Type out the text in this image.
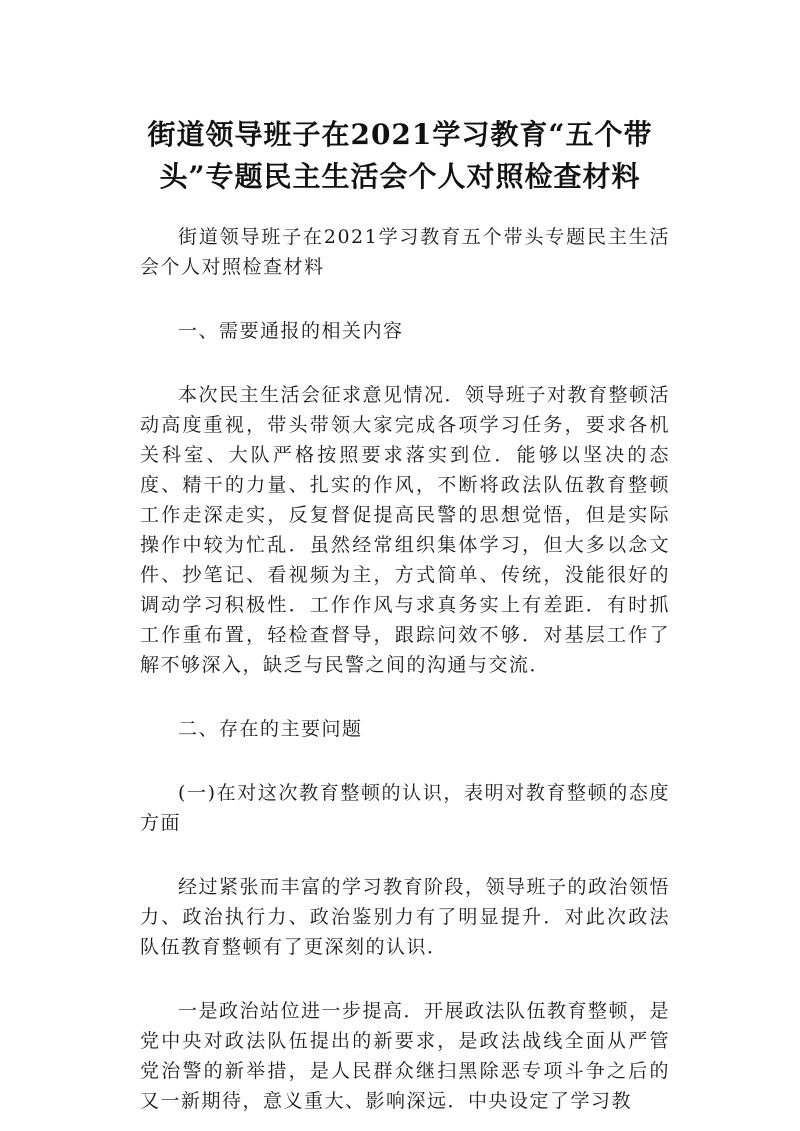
街道领导班子在2021学习教育“五个带头”专题民主生活会个人对照检查材料

街道领导班子在2021学习教育五个带头专题民主生活会个人对照检查材料

一、需要通报的相关内容

本次民主生活会征求意见情况．领导班子对教育整顿活动高度重视，带头带领大家完成各项学习任务，要求各机关科室、大队严格按照要求落实到位．能够以坚决的态度、精干的力量、扎实的作风，不断将政法队伍教育整顿工作走深走实，反复督促提高民警的思想觉悟，但是实际操作中较为忙乱．虽然经常组织集体学习，但大多以念文件、抄笔记、看视频为主，方式简单、传统，没能很好的调动学习积极性．工作作风与求真务实上有差距．有时抓工作重布置，轻检查督导，跟踪问效不够．对基层工作了解不够深入，缺乏与民警之间的沟通与交流．

二、存在的主要问题

(一)在对这次教育整顿的认识，表明对教育整顿的态度方面

经过紧张而丰富的学习教育阶段，领导班子的政治领悟力、政治执行力、政治鉴别力有了明显提升．对此次政法队伍教育整顿有了更深刻的认识．

一是政治站位进一步提高．开展政法队伍教育整顿，是党中央对政法队伍提出的新要求，是政法战线全面从严管党治警的新举措，是人民群众继扫黑除恶专项斗争之后的又一新期待，意义重大、影响深远．中央设定了学习教
